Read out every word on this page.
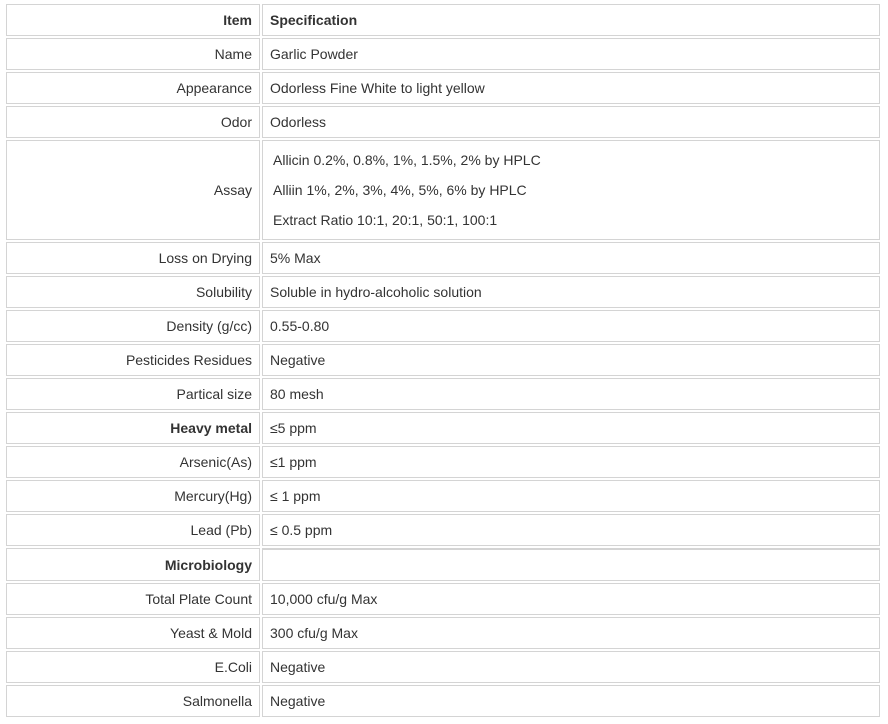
Item	Specification
Name	Garlic Powder
Appearance	Odorless Fine White to light yellow
Odor	Odorless
Assay	Allicin 0.2%, 0.8%, 1%, 1.5%, 2% by HPLC
Alliin 1%, 2%, 3%, 4%, 5%, 6% by HPLC
Extract Ratio 10:1, 20:1, 50:1, 100:1

Loss on Drying	5% Max
Solubility	Soluble in hydro-alcoholic solution
Density (g/cc)	0.55-0.80
Pesticides Residues	Negative
Partical size	80 mesh
Heavy metal	≤5 ppm
Arsenic(As)	≤1 ppm
Mercury(Hg)	≤ 1 ppm
Lead (Pb)	≤ 0.5 ppm
Microbiology	
Total Plate Count	10,000 cfu/g Max
Yeast & Mold	300 cfu/g Max
E.Coli	Negative
Salmonella	Negative
